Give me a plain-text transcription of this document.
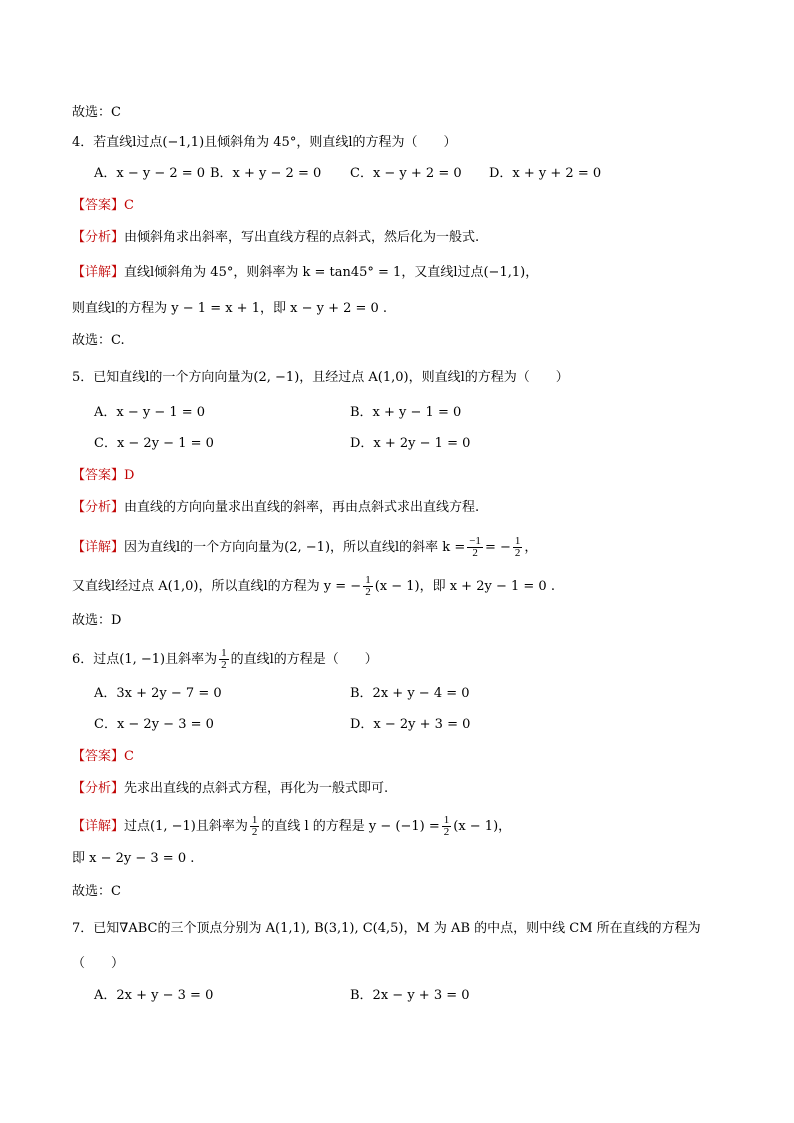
故选：C
4．若直线l过点(−1,1)且倾斜角为 45°，则直线l的方程为（　　）
A．x − y − 2 = 0 B．x + y − 2 = 0 C．x − y + 2 = 0 D．x + y + 2 = 0
【答案】C
【分析】由倾斜角求出斜率，写出直线方程的点斜式，然后化为一般式.
【详解】直线l倾斜角为 45°，则斜率为 k = tan45° = 1，又直线l过点(−1,1)，
则直线l的方程为 y − 1 = x + 1，即 x − y + 2 = 0 .
故选：C.
5．已知直线l的一个方向向量为(2, −1)，且经过点 A(1,0)，则直线l的方程为（　　）
A．x − y − 1 = 0	B．x + y − 1 = 0
C．x − 2y − 1 = 0	D．x + 2y − 1 = 0
【答案】D
【分析】由直线的方向向量求出直线的斜率，再由点斜式求出直线方程.
【详解】因为直线l的一个方向向量为(2, −1)，所以直线l的斜率 $k = \frac{-1}{2}$ = − $\frac{1}{2}$ ，
又直线l经过点 A(1,0)，所以直线l的方程为 y = − $\frac{1}{2} (x - 1)$，即 x + 2y − 1 = 0 .
故选：D
6．过点(1, −1)且斜率为 $\frac{1}{2}$ 的直线l的方程是（　　）
A．3x + 2y − 7 = 0	B．2x + y − 4 = 0
C．x − 2y − 3 = 0	D．x − 2y + 3 = 0
【答案】C
【分析】先求出直线的点斜式方程，再化为一般式即可.
【详解】过点(1, −1)且斜率为 $\frac{1}{2}$ 的直线 l 的方程是 $y - (-1) = \frac{1}{2} (x - 1)$，
即 x − 2y − 3 = 0 .
故选：C
7．已知∇ABC的三个顶点分别为 A(1,1), B(3,1), C(4,5)，M 为 AB 的中点，则中线 CM 所在直线的方程为
（　　）
A．2x + y − 3 = 0	B．2x − y + 3 = 0
